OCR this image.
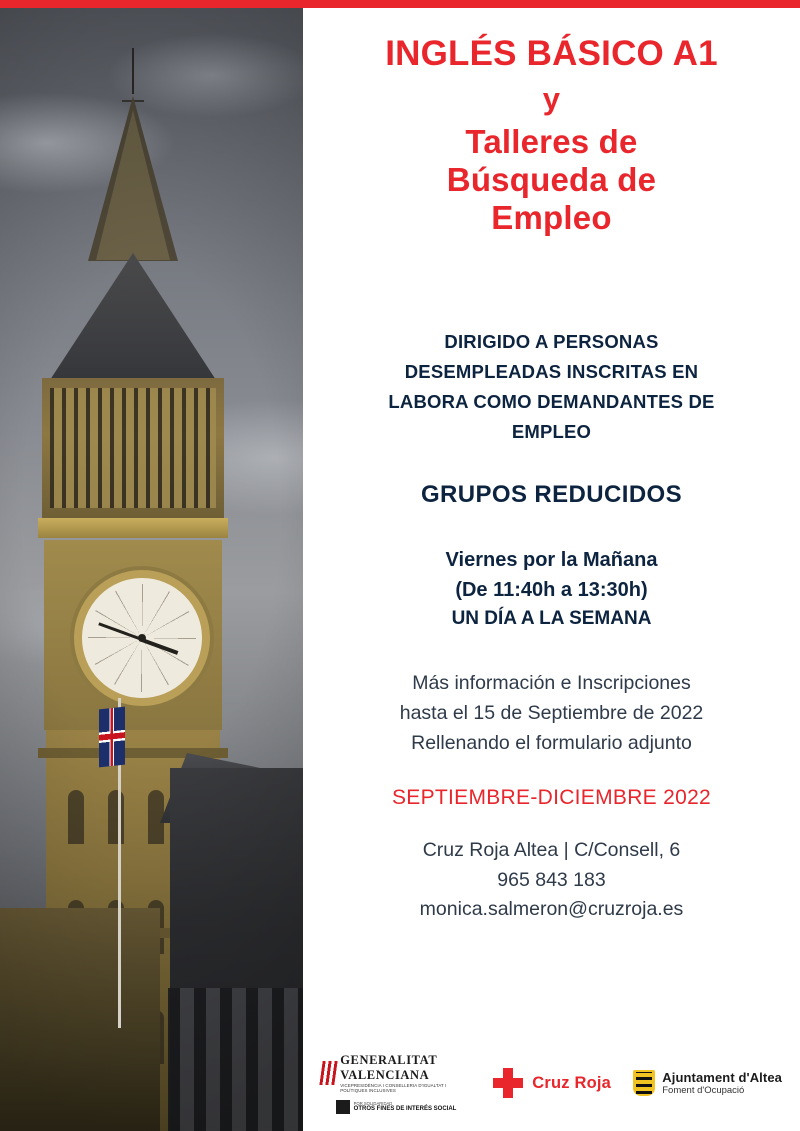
INGLÉS BÁSICO A1
y
Talleres de
Búsqueda de
Empleo
DIRIGIDO A PERSONAS
DESEMPLEADAS INSCRITAS EN
LABORA COMO DEMANDANTES DE
EMPLEO
GRUPOS REDUCIDOS
Viernes por la Mañana
(De 11:40h a 13:30h)
UN DÍA A LA SEMANA
Más información e Inscripciones
hasta el 15 de Septiembre de 2022
Rellenando el formulario adjunto
SEPTIEMBRE-DICIEMBRE 2022
Cruz Roja Altea | C/Consell, 6
965 843 183
monica.salmeron@cruzroja.es
GENERALITAT VALENCIANA
VICEPRESIDÈNCIA I CONSELLERIA D'IGUALTAT I POLÍTIQUES INCLUSIVES
POR SOLIDARIDAD
OTROS FINES DE INTERÉS SOCIAL
Cruz Roja	Ajuntament d'Altea
Foment d'Ocupació
